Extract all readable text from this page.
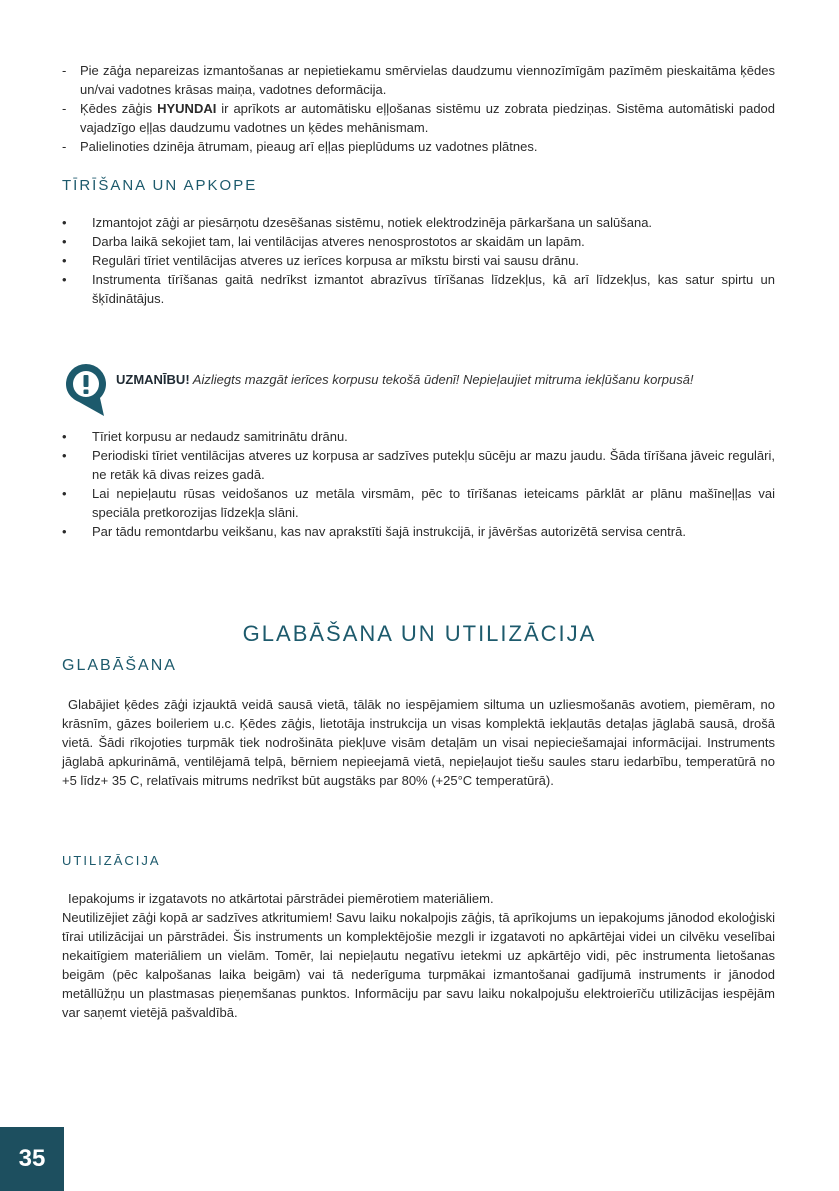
- Pie zāģa nepareizas izmantošanas ar nepietiekamu smērvielas daudzumu viennozīmīgām pazīmēm pieskaitāma ķēdes un/vai vadotnes krāsas maiņa, vadotnes deformācija.
- Ķēdes zāģis HYUNDAI ir aprīkots ar automātisku eļļošanas sistēmu uz zobrata piedziņas. Sistēma automātiski padod vajadzīgo eļļas daudzumu vadotnes un ķēdes mehānismam.
- Palielinoties dzinēja ātrumam, pieaug arī eļļas pieplūdums uz vadotnes plātnes.
TĪRĪŠANA UN APKOPE
• Izmantojot zāģi ar piesārņotu dzesēšanas sistēmu, notiek elektrodzinēja pārkaršana un salūšana.
• Darba laikā sekojiet tam, lai ventilācijas atveres nenosprostotos ar skaidām un lapām.
• Regulāri tīriet ventilācijas atveres uz ierīces korpusa ar mīkstu birsti vai sausu drānu.
• Instrumenta tīrīšanas gaitā nedrīkst izmantot abrazīvus tīrīšanas līdzekļus, kā arī līdzekļus, kas satur spirtu un šķīdinātājus.
UZMANĪBU! Aizliegts mazgāt ierīces korpusu tekošā ūdenī! Nepieļaujiet mitruma iekļūšanu korpusā!
• Tīriet korpusu ar nedaudz samitrinātu drānu.
• Periodiski tīriet ventilācijas atveres uz korpusa ar sadzīves putekļu sūcēju ar mazu jaudu. Šāda tīrīšana jāveic regulāri, ne retāk kā divas reizes gadā.
• Lai nepieļautu rūsas veidošanos uz metāla virsmām, pēc to tīrīšanas ieteicams pārklāt ar plānu mašīneļļas vai speciāla pretkorozijas līdzekļa slāni.
• Par tādu remontdarbu veikšanu, kas nav aprakstīti šajā instrukcijā, ir jāvēršas autorizētā servisa centrā.
GLABĀŠANA UN UTILIZĀCIJA
GLABĀŠANA
Glabājiet ķēdes zāģi izjauktā veidā sausā vietā, tālāk no iespējamiem siltuma un uzliesmošanās avotiem, piemēram, no krāsnīm, gāzes boileriem u.c. Ķēdes zāģis, lietotāja instrukcija un visas komplektā iekļautās detaļas jāglabā sausā, drošā vietā. Šādi rīkojoties turpmāk tiek nodrošināta piekļuve visām detaļām un visai nepieciešamajai informācijai. Instruments jāglabā apkurināmā, ventilējamā telpā, bērniem nepieejamā vietā, nepieļaujot tiešu saules staru iedarbību, temperatūrā no +5 līdz+ 35 C, relatīvais mitrums nedrīkst būt augstāks par 80% (+25°C temperatūrā).
UTILIZĀCIJA
Iepakojums ir izgatavots no atkārtotai pārstrādei piemērotiem materiāliem.
Neutilizējiet zāģi kopā ar sadzīves atkritumiem! Savu laiku nokalpojis zāģis, tā aprīkojums un iepakojums jānodod ekoloģiski tīrai utilizācijai un pārstrādei. Šis instruments un komplektējošie mezgli ir izgatavoti no apkārtējai videi un cilvēku veselībai nekaitīgiem materiāliem un vielām. Tomēr, lai nepieļautu negatīvu ietekmi uz apkārtējo vidi, pēc instrumenta lietošanas beigām (pēc kalpošanas laika beigām) vai tā nederīguma turpmākai izmantošanai gadījumā instruments ir jānodod metāllūžņu un plastmasas pieņemšanas punktos. Informāciju par savu laiku nokalpojušu elektroierīču utilizācijas iespējām var saņemt vietējā pašvaldībā.
35
